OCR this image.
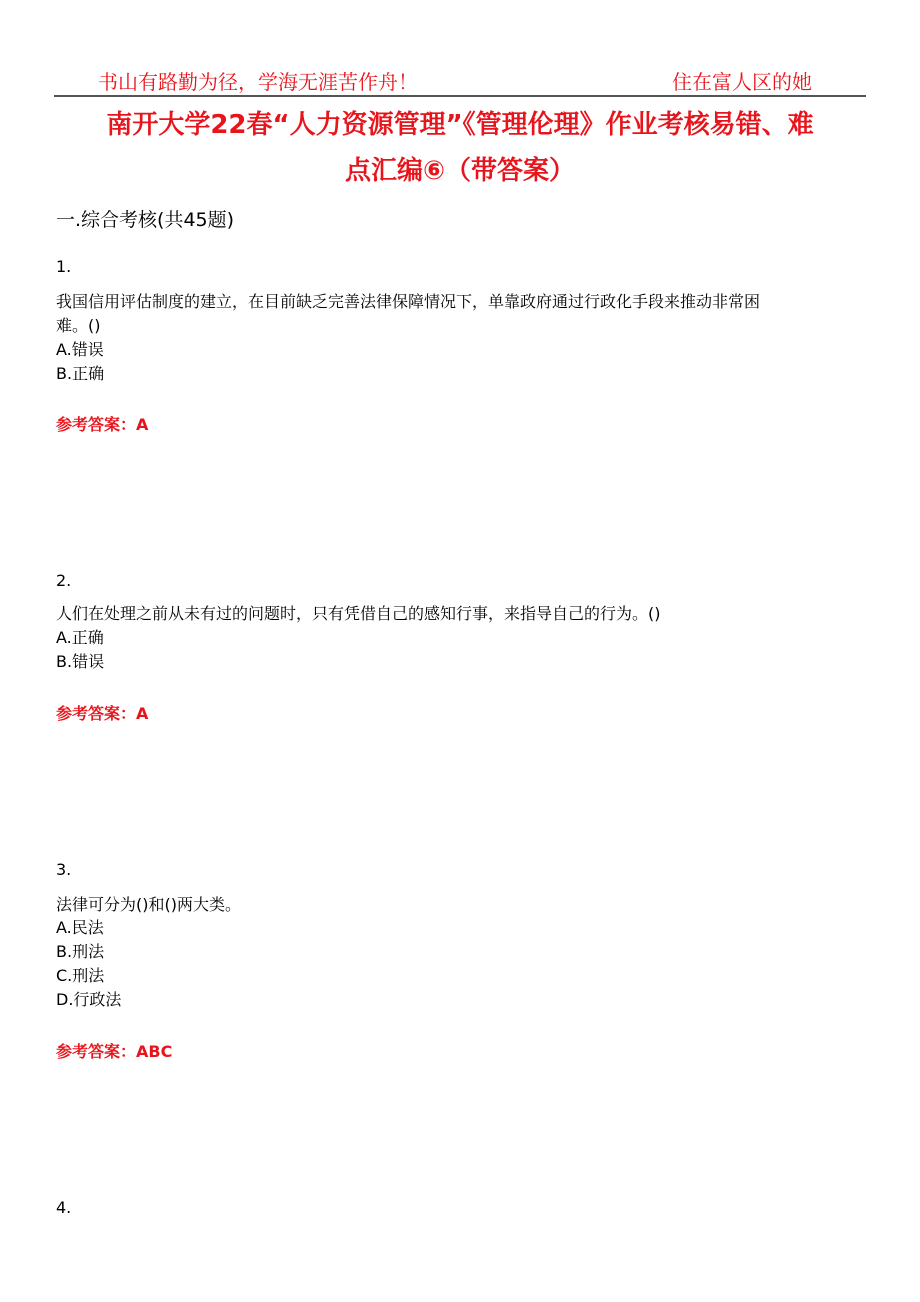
书山有路勤为径，学海无涯苦作舟！	住在富人区的她
南开大学22春“人力资源管理”《管理伦理》作业考核易错、难
点汇编⑥（带答案）
一.综合考核(共45题)
1.
我国信用评估制度的建立，在目前缺乏完善法律保障情况下，单靠政府通过行政化手段来推动非常困
难。()
A.错误
B.正确
参考答案：A
2.
人们在处理之前从未有过的问题时，只有凭借自己的感知行事，来指导自己的行为。()
A.正确
B.错误
参考答案：A
3.
法律可分为()和()两大类。
A.民法
B.刑法
C.刑法
D.行政法
参考答案：ABC
4.
